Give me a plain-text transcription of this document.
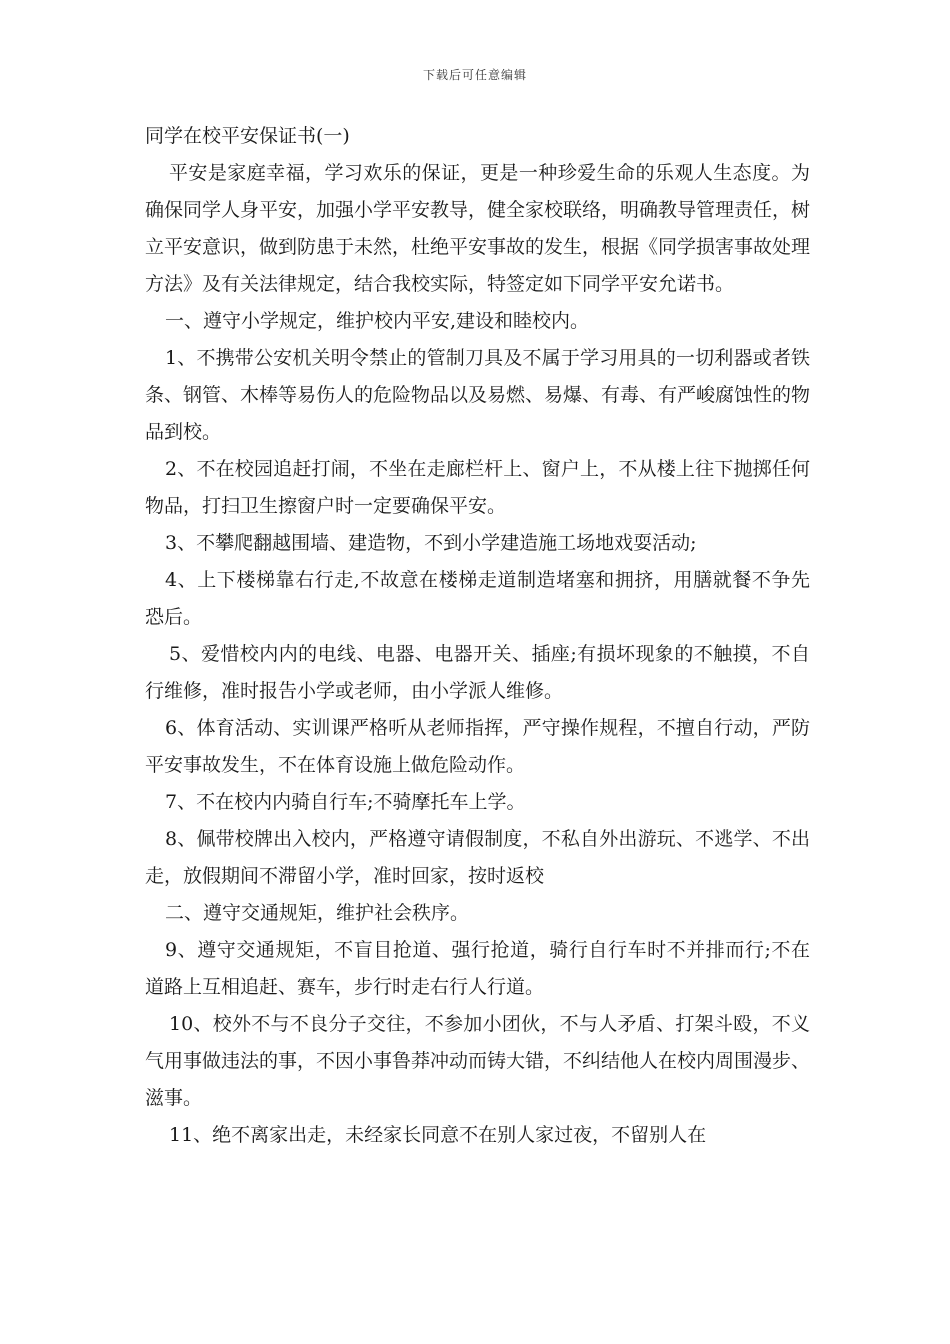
下载后可任意编辑
同学在校平安保证书(一)

平安是家庭幸福，学习欢乐的保证，更是一种珍爱生命的乐观人生态度。为确保同学人身平安，加强小学平安教导，健全家校联络，明确教导管理责任，树立平安意识，做到防患于未然，杜绝平安事故的发生，根据《同学损害事故处理方法》及有关法律规定，结合我校实际，特签定如下同学平安允诺书。

一、遵守小学规定，维护校内平安,建设和睦校内。

1、不携带公安机关明令禁止的管制刀具及不属于学习用具的一切利器或者铁条、钢管、木棒等易伤人的危险物品以及易燃、易爆、有毒、有严峻腐蚀性的物品到校。

2、不在校园追赶打闹，不坐在走廊栏杆上、窗户上，不从楼上往下抛掷任何物品，打扫卫生擦窗户时一定要确保平安。

3、不攀爬翻越围墙、建造物，不到小学建造施工场地戏耍活动;

4、上下楼梯靠右行走,不故意在楼梯走道制造堵塞和拥挤，用膳就餐不争先恐后。

5、爱惜校内内的电线、电器、电器开关、插座;有损坏现象的不触摸，不自行维修，准时报告小学或老师，由小学派人维修。

6、体育活动、实训课严格听从老师指挥，严守操作规程，不擅自行动，严防平安事故发生，不在体育设施上做危险动作。

7、不在校内内骑自行车;不骑摩托车上学。

8、佩带校牌出入校内，严格遵守请假制度，不私自外出游玩、不逃学、不出走，放假期间不滞留小学，准时回家，按时返校

二、遵守交通规矩，维护社会秩序。

9、遵守交通规矩，不盲目抢道、强行抢道，骑行自行车时不并排而行;不在道路上互相追赶、赛车，步行时走右行人行道。

10、校外不与不良分子交往，不参加小团伙，不与人矛盾、打架斗殴，不义气用事做违法的事，不因小事鲁莽冲动而铸大错，不纠结他人在校内周围漫步、滋事。

11、绝不离家出走，未经家长同意不在别人家过夜，不留别人在
